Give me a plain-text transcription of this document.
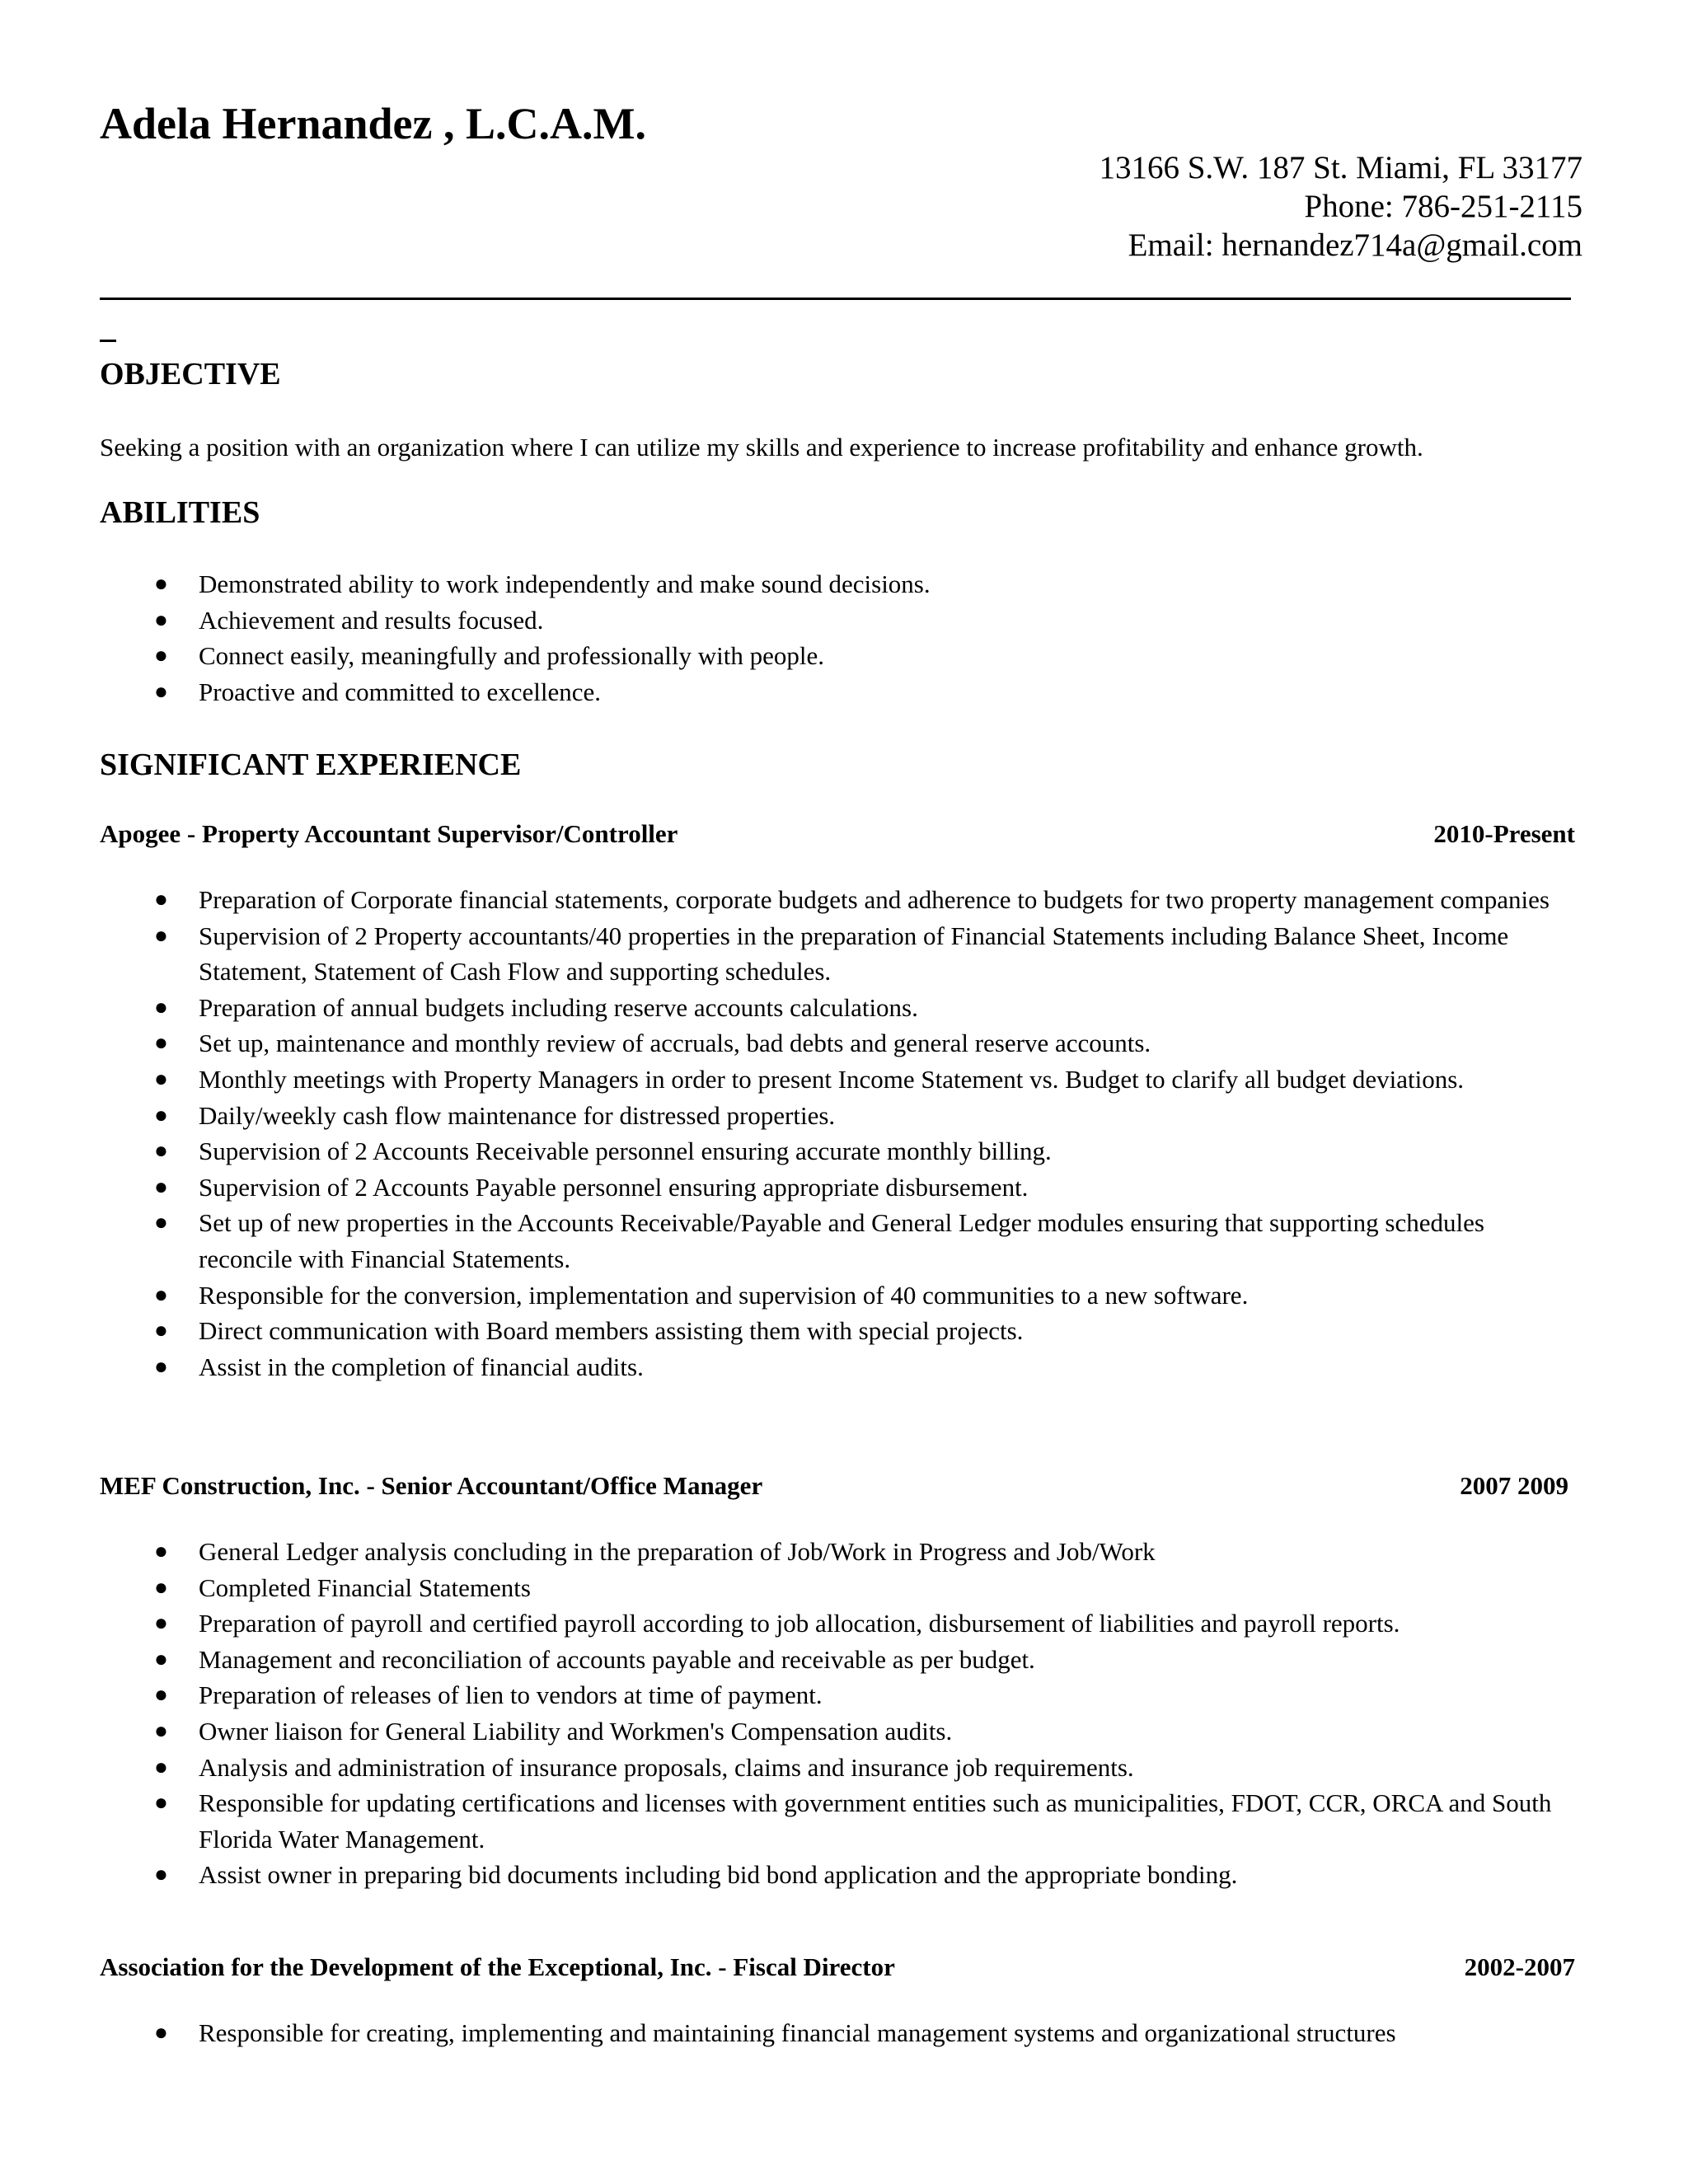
Adela Hernandez , L.C.A.M.
13166 S.W. 187 St. Miami, FL 33177
Phone: 786-251-2115
Email: hernandez714a@gmail.com
OBJECTIVE
Seeking a position with an organization where I can utilize my skills and experience to increase profitability and enhance growth.
ABILITIES
● Demonstrated ability to work independently and make sound decisions.
● Achievement and results focused.
● Connect easily, meaningfully and professionally with people.
● Proactive and committed to excellence.
SIGNIFICANT EXPERIENCE
Apogee - Property Accountant Supervisor/Controller	2010-Present
● Preparation of Corporate financial statements, corporate budgets and adherence to budgets for two property management companies
● Supervision of 2 Property accountants/40 properties in the preparation of Financial Statements including Balance Sheet, Income Statement, Statement of Cash Flow and supporting schedules.
● Preparation of annual budgets including reserve accounts calculations.
● Set up, maintenance and monthly review of accruals, bad debts and general reserve accounts.
● Monthly meetings with Property Managers in order to present Income Statement vs. Budget to clarify all budget deviations.
● Daily/weekly cash flow maintenance for distressed properties.
● Supervision of 2 Accounts Receivable personnel ensuring accurate monthly billing.
● Supervision of 2 Accounts Payable personnel ensuring appropriate disbursement.
● Set up of new properties in the Accounts Receivable/Payable and General Ledger modules ensuring that supporting schedules reconcile with Financial Statements.
● Responsible for the conversion, implementation and supervision of 40 communities to a new software.
● Direct communication with Board members assisting them with special projects.
● Assist in the completion of financial audits.
MEF Construction, Inc. - Senior Accountant/Office Manager	2007 2009
● General Ledger analysis concluding in the preparation of Job/Work in Progress and Job/Work
● Completed Financial Statements
● Preparation of payroll and certified payroll according to job allocation, disbursement of liabilities and payroll reports.
● Management and reconciliation of accounts payable and receivable as per budget.
● Preparation of releases of lien to vendors at time of payment.
● Owner liaison for General Liability and Workmen's Compensation audits.
● Analysis and administration of insurance proposals, claims and insurance job requirements.
● Responsible for updating certifications and licenses with government entities such as municipalities, FDOT, CCR, ORCA and South Florida Water Management.
● Assist owner in preparing bid documents including bid bond application and the appropriate bonding.
Association for the Development of the Exceptional, Inc. - Fiscal Director	2002-2007
● Responsible for creating, implementing and maintaining financial management systems and organizational structures
